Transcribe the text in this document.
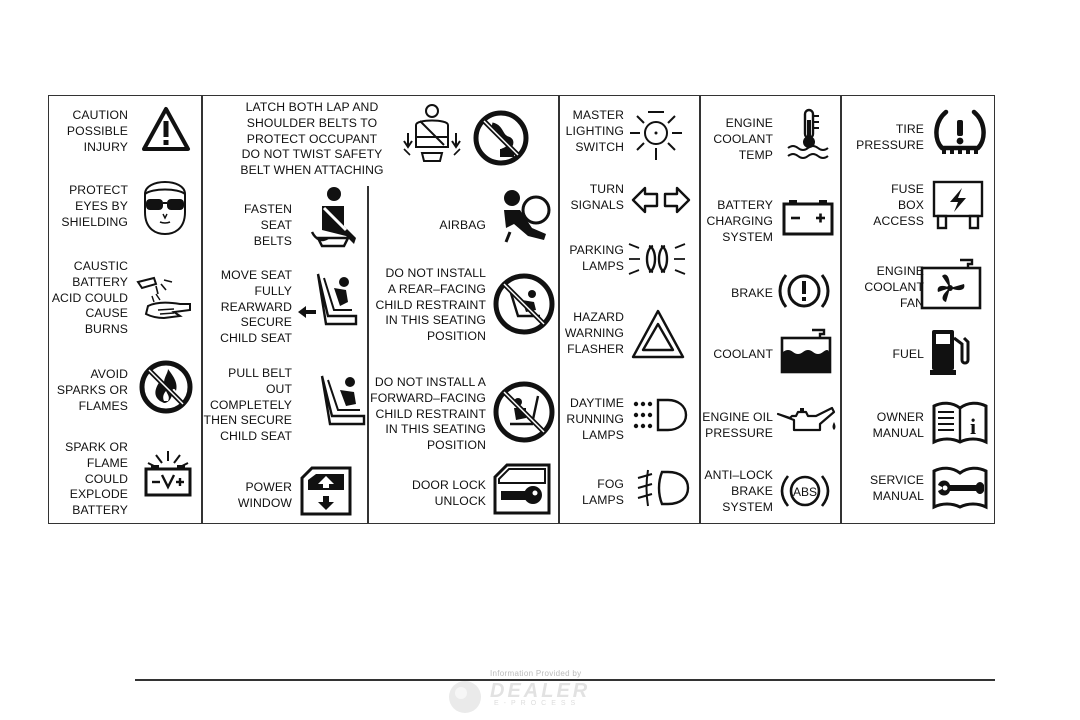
CAUTION
POSSIBLE
INJURY
PROTECT
EYES BY
SHIELDING
CAUSTIC
BATTERY
ACID COULD
CAUSE
BURNS
AVOID
SPARKS OR
FLAMES
SPARK OR
FLAME
COULD
EXPLODE
BATTERY
LATCH BOTH LAP AND
SHOULDER BELTS TO
PROTECT OCCUPANT
DO NOT TWIST SAFETY
BELT WHEN ATTACHING
FASTEN
SEAT
BELTS
MOVE SEAT
FULLY
REARWARD
SECURE
CHILD SEAT
PULL BELT
OUT
COMPLETELY
THEN SECURE
CHILD SEAT
POWER
WINDOW
AIRBAG
DO NOT INSTALL
A REAR–FACING
CHILD RESTRAINT
IN THIS SEATING
POSITION
DO NOT INSTALL A
FORWARD–FACING
CHILD RESTRAINT
IN THIS SEATING
POSITION
DOOR LOCK
UNLOCK
MASTER
LIGHTING
SWITCH
TURN
SIGNALS
PARKING
LAMPS
HAZARD
WARNING
FLASHER
DAYTIME
RUNNING
LAMPS
FOG
LAMPS
ENGINE
COOLANT
TEMP
BATTERY
CHARGING
SYSTEM
BRAKE
COOLANT
ENGINE OIL
PRESSURE
ANTI–LOCK
BRAKE
SYSTEM
ABS
TIRE
PRESSURE
FUSE
BOX
ACCESS
ENGINE
COOLANT
FAN
FUEL
OWNER
MANUAL i
SERVICE
MANUAL
Information Provided by
DEALER
E-PROCESS
